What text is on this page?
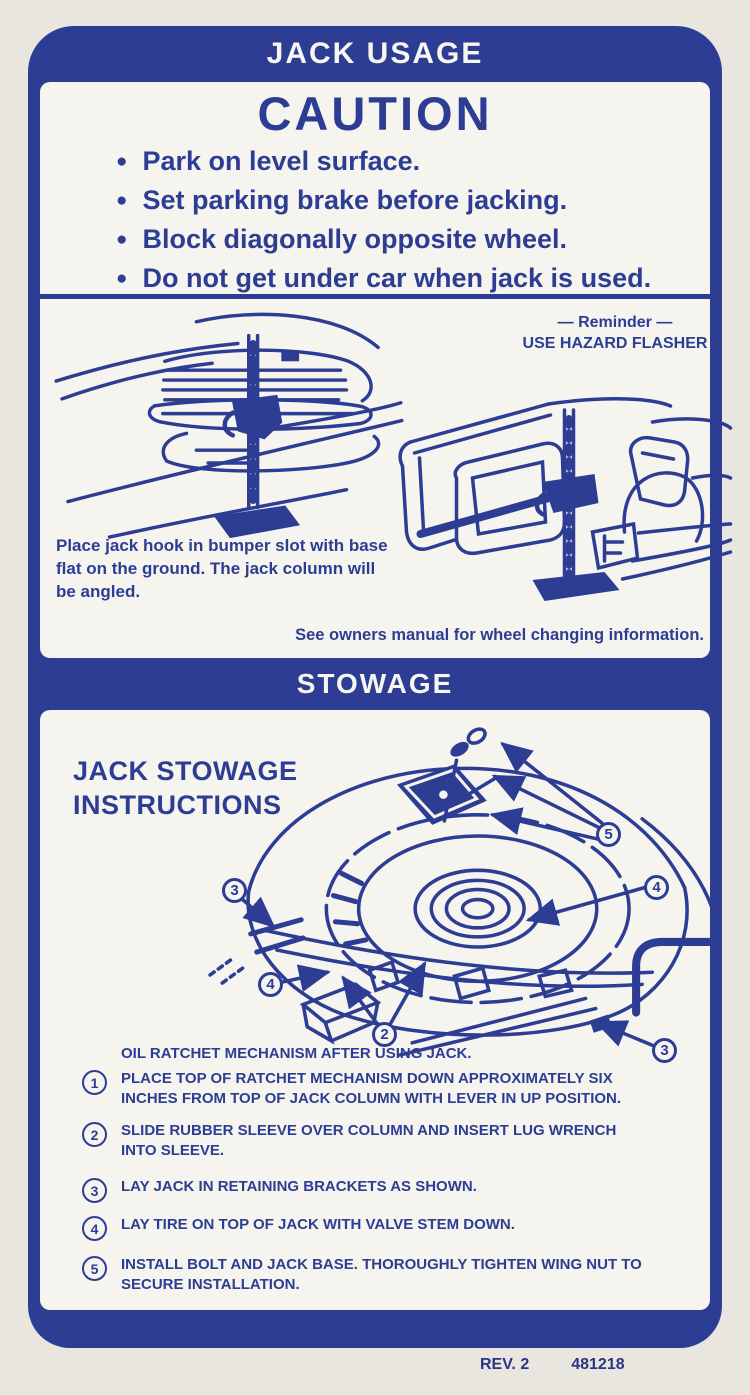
JACK USAGE
CAUTION
● Park on level surface.
● Set parking brake before jacking.
● Block diagonally opposite wheel.
● Do not get under car when jack is used.
— Reminder —
USE HAZARD FLASHER
Place jack hook in bumper slot with base flat on the ground. The jack column will be angled.
See owners manual for wheel changing information.
STOWAGE
JACK STOWAGE
INSTRUCTIONS
3
4
2
5
4
3
OIL RATCHET MECHANISM AFTER USING JACK.
1	PLACE TOP OF RATCHET MECHANISM DOWN APPROXIMATELY SIX INCHES FROM TOP OF JACK COLUMN WITH LEVER IN UP POSITION.
2	SLIDE RUBBER SLEEVE OVER COLUMN AND INSERT LUG WRENCH INTO SLEEVE.
3	LAY JACK IN RETAINING BRACKETS AS SHOWN.
4	LAY TIRE ON TOP OF JACK WITH VALVE STEM DOWN.
5	INSTALL BOLT AND JACK BASE. THOROUGHLY TIGHTEN WING NUT TO SECURE INSTALLATION.
REV. 2	481218
